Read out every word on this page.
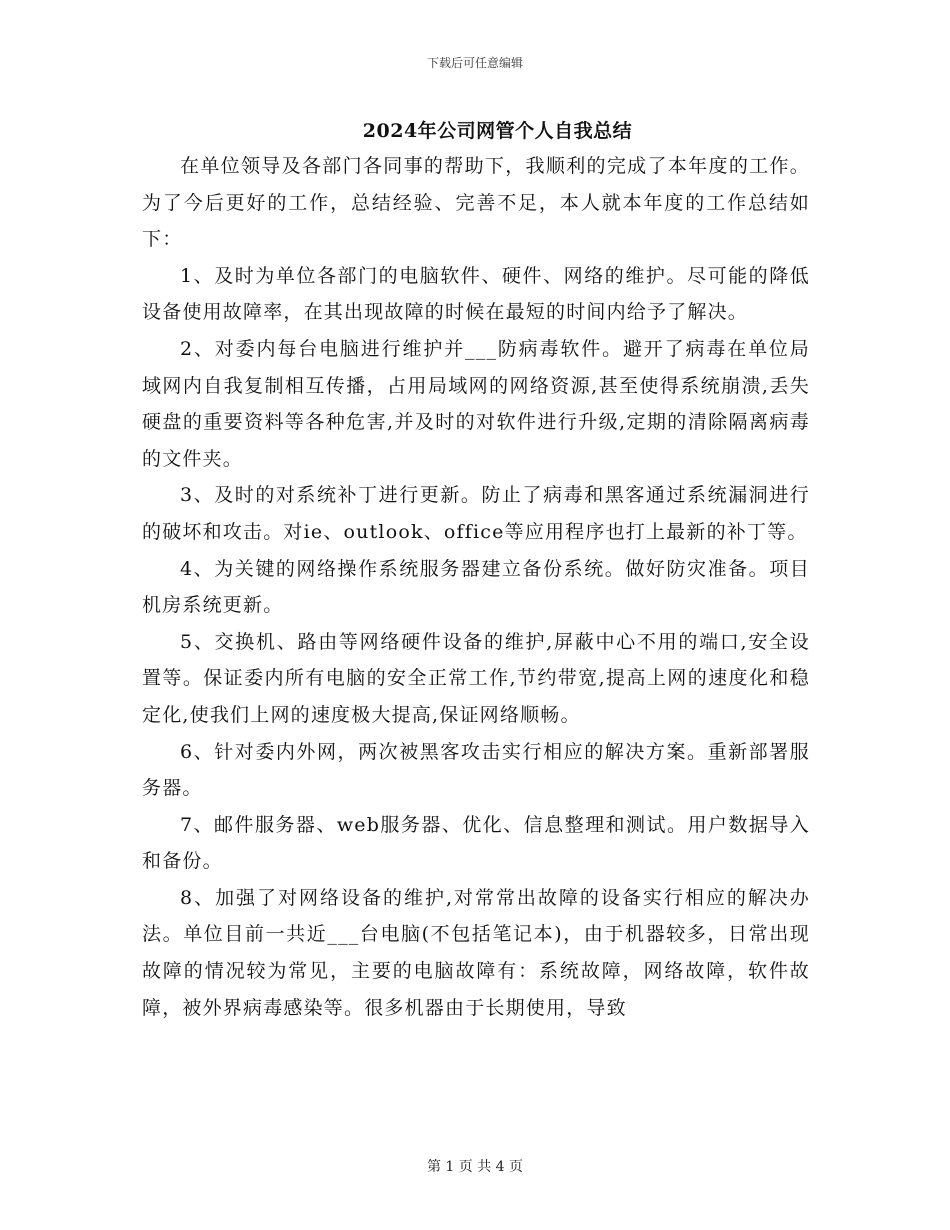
下载后可任意编辑
2024年公司网管个人自我总结

在单位领导及各部门各同事的帮助下，我顺利的完成了本年度的工作。为了今后更好的工作，总结经验、完善不足，本人就本年度的工作总结如下：

1、及时为单位各部门的电脑软件、硬件、网络的维护。尽可能的降低设备使用故障率，在其出现故障的时候在最短的时间内给予了解决。

2、对委内每台电脑进行维护并___防病毒软件。避开了病毒在单位局域网内自我复制相互传播，占用局域网的网络资源,甚至使得系统崩溃,丢失硬盘的重要资料等各种危害,并及时的对软件进行升级,定期的清除隔离病毒的文件夹。

3、及时的对系统补丁进行更新。防止了病毒和黑客通过系统漏洞进行的破坏和攻击。对ie、outlook、office等应用程序也打上最新的补丁等。

4、为关键的网络操作系统服务器建立备份系统。做好防灾准备。项目机房系统更新。

5、交换机、路由等网络硬件设备的维护,屏蔽中心不用的端口,安全设置等。保证委内所有电脑的安全正常工作,节约带宽,提高上网的速度化和稳定化,使我们上网的速度极大提高,保证网络顺畅。

6、针对委内外网，两次被黑客攻击实行相应的解决方案。重新部署服务器。

7、邮件服务器、web服务器、优化、信息整理和测试。用户数据导入和备份。

8、加强了对网络设备的维护,对常常出故障的设备实行相应的解决办法。单位目前一共近___台电脑(不包括笔记本)，由于机器较多，日常出现故障的情况较为常见，主要的电脑故障有：系统故障，网络故障，软件故障，被外界病毒感染等。很多机器由于长期使用，导致

第 1 页 共 4 页
